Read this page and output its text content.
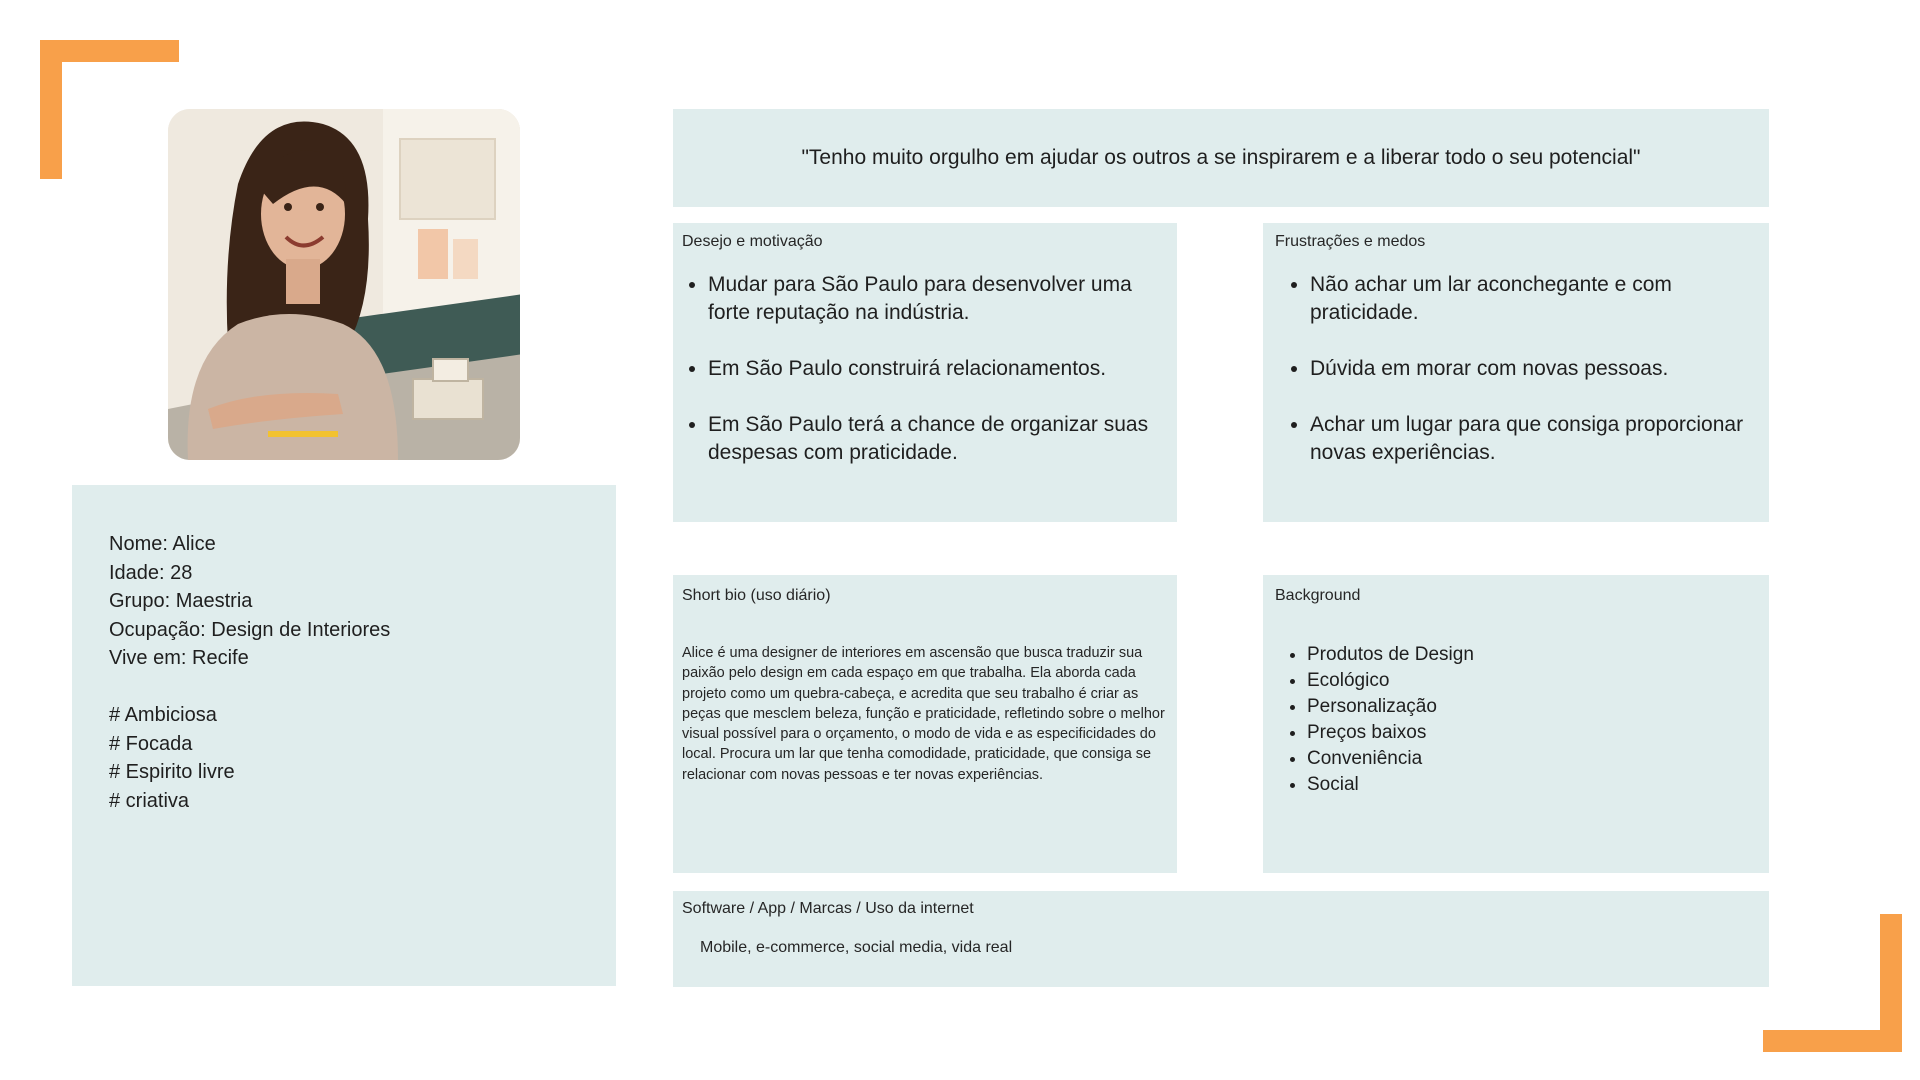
Nome: Alice
Idade: 28
Grupo: Maestria
Ocupação: Design de Interiores
Vive em: Recife
# Ambiciosa
# Focada
# Espirito livre
# criativa
"Tenho muito orgulho em ajudar os outros a se inspirarem e a liberar todo o seu potencial"
Desejo e motivação
• Mudar para São Paulo para desenvolver uma forte reputação na indústria.
• Em São Paulo construirá relacionamentos.
• Em São Paulo terá a chance de organizar suas despesas com praticidade.
Frustrações e medos
• Não achar um lar aconchegante e com praticidade.
• Dúvida em morar com novas pessoas.
• Achar um lugar para que consiga proporcionar novas experiências.
Short bio (uso diário)
Alice é uma designer de interiores em ascensão que busca traduzir sua paixão pelo design em cada espaço em que trabalha. Ela aborda cada projeto como um quebra-cabeça, e acredita que seu trabalho é criar as peças que mesclem beleza, função e praticidade, refletindo sobre o melhor visual possível para o orçamento, o modo de vida e as especificidades do local. Procura um lar que tenha comodidade, praticidade, que consiga se relacionar com novas pessoas e ter novas experiências.
Background
• Produtos de Design
• Ecológico
• Personalização
• Preços baixos
• Conveniência
• Social
Software / App / Marcas / Uso da internet
Mobile, e-commerce, social media, vida real
